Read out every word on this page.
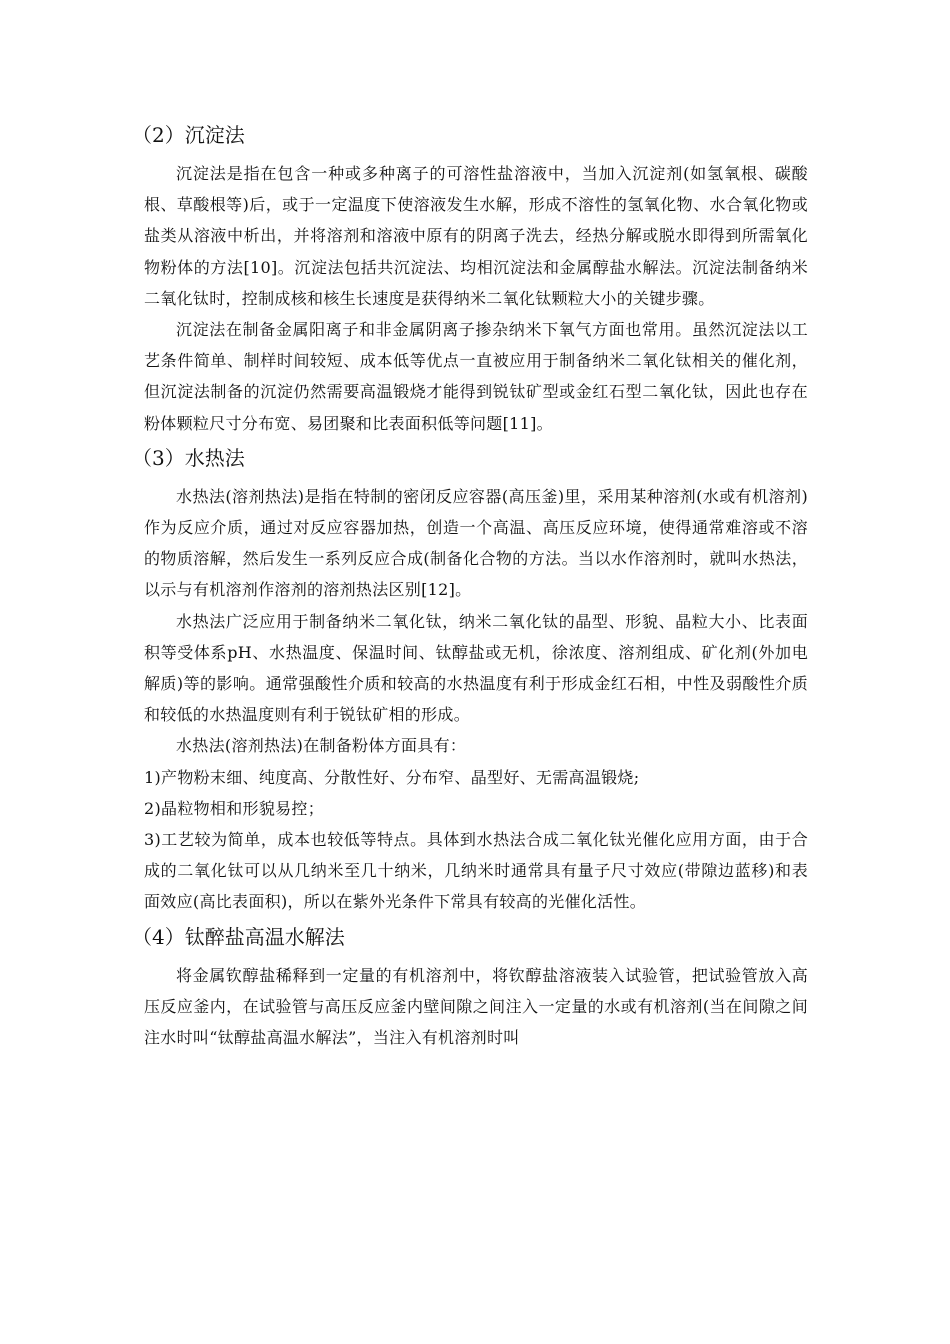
（2）沉淀法

沉淀法是指在包含一种或多种离子的可溶性盐溶液中，当加入沉淀剂(如氢氧根、碳酸根、草酸根等)后，或于一定温度下使溶液发生水解，形成不溶性的氢氧化物、水合氧化物或盐类从溶液中析出，并将溶剂和溶液中原有的阴离子洗去，经热分解或脱水即得到所需氧化物粉体的方法[10]。沉淀法包括共沉淀法、均相沉淀法和金属醇盐水解法。沉淀法制备纳米二氧化钛时，控制成核和核生长速度是获得纳米二氧化钛颗粒大小的关键步骤。

沉淀法在制备金属阳离子和非金属阴离子掺杂纳米下氧气方面也常用。虽然沉淀法以工艺条件简单、制样时间较短、成本低等优点一直被应用于制备纳米二氧化钛相关的催化剂，但沉淀法制备的沉淀仍然需要高温锻烧才能得到锐钛矿型或金红石型二氧化钛，因此也存在粉体颗粒尺寸分布宽、易团聚和比表面积低等问题[11]。

（3）水热法

水热法(溶剂热法)是指在特制的密闭反应容器(高压釜)里，采用某种溶剂(水或有机溶剂)作为反应介质，通过对反应容器加热，创造一个高温、高压反应环境，使得通常难溶或不溶的物质溶解，然后发生一系列反应合成(制备化合物的方法。当以水作溶剂时，就叫水热法，以示与有机溶剂作溶剂的溶剂热法区别[12]。

水热法广泛应用于制备纳米二氧化钛，纳米二氧化钛的晶型、形貌、晶粒大小、比表面积等受体系pH、水热温度、保温时间、钛醇盐或无机，徐浓度、溶剂组成、矿化剂(外加电解质)等的影响。通常强酸性介质和较高的水热温度有利于形成金红石相，中性及弱酸性介质和较低的水热温度则有利于锐钛矿相的形成。

水热法(溶剂热法)在制备粉体方面具有：

1)产物粉末细、纯度高、分散性好、分布窄、晶型好、无需高温锻烧;

2)晶粒物相和形貌易控；

3)工艺较为简单，成本也较低等特点。具体到水热法合成二氧化钛光催化应用方面，由于合成的二氧化钛可以从几纳米至几十纳米，几纳米时通常具有量子尺寸效应(带隙边蓝移)和表面效应(高比表面积)，所以在紫外光条件下常具有较高的光催化活性。

（4）钛醉盐高温水解法

将金属钦醇盐稀释到一定量的有机溶剂中，将钦醇盐溶液装入试验管，把试验管放入高压反应釜内，在试验管与高压反应釜内壁间隙之间注入一定量的水或有机溶剂(当在间隙之间注水时叫“钛醇盐高温水解法”，当注入有机溶剂时叫
